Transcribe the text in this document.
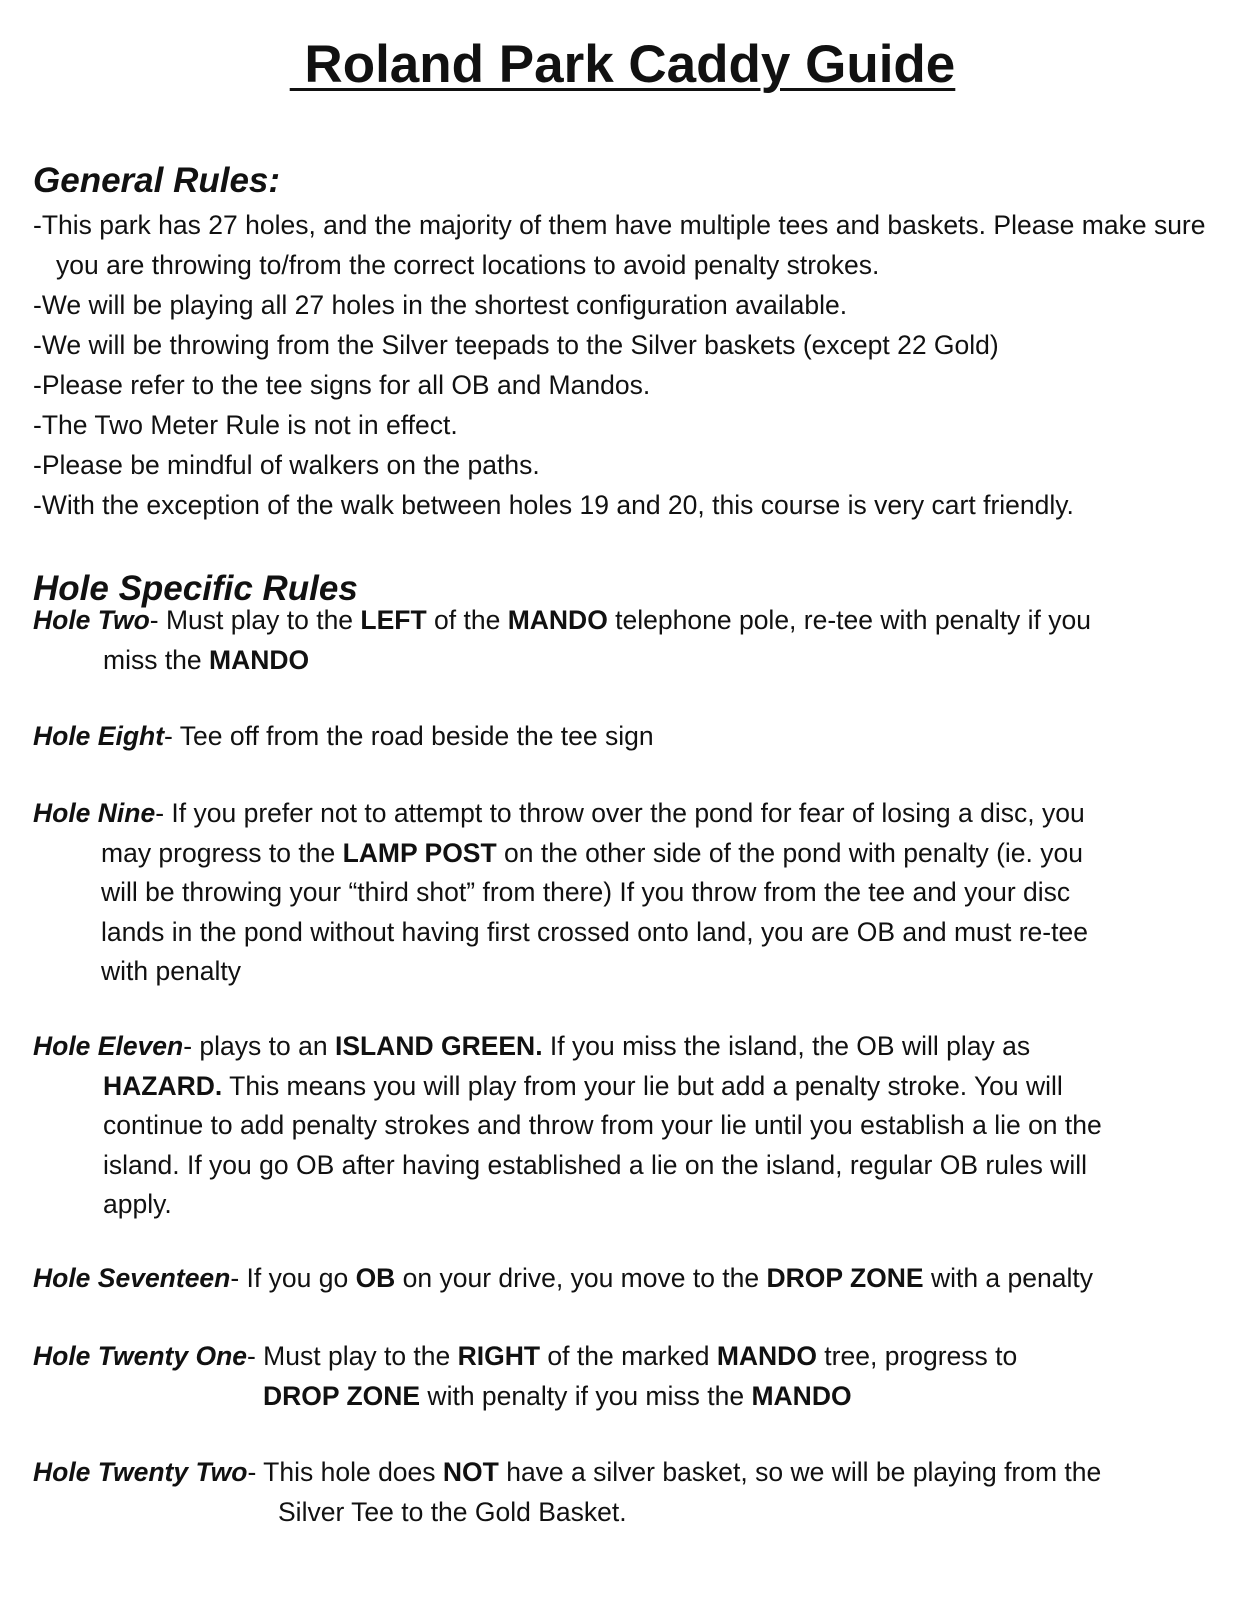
Roland Park Caddy Guide
General Rules:
-This park has 27 holes, and the majority of them have multiple tees and baskets. Please make sure you are throwing to/from the correct locations to avoid penalty strokes.
-We will be playing all 27 holes in the shortest configuration available.
-We will be throwing from the Silver teepads to the Silver baskets (except 22 Gold)
-Please refer to the tee signs for all OB and Mandos.
-The Two Meter Rule is not in effect.
-Please be mindful of walkers on the paths.
-With the exception of the walk between holes 19 and 20, this course is very cart friendly.
Hole Specific Rules
Hole Two- Must play to the LEFT of the MANDO telephone pole, re-tee with penalty if you
miss the MANDO
Hole Eight- Tee off from the road beside the tee sign
Hole Nine- If you prefer not to attempt to throw over the pond for fear of losing a disc, you
may progress to the LAMP POST on the other side of the pond with penalty (ie. you
will be throwing your “third shot” from there) If you throw from the tee and your disc
lands in the pond without having first crossed onto land, you are OB and must re-tee
with penalty
Hole Eleven- plays to an ISLAND GREEN. If you miss the island, the OB will play as
HAZARD. This means you will play from your lie but add a penalty stroke. You will
continue to add penalty strokes and throw from your lie until you establish a lie on the
island. If you go OB after having established a lie on the island, regular OB rules will
apply.
Hole Seventeen- If you go OB on your drive, you move to the DROP ZONE with a penalty
Hole Twenty One- Must play to the RIGHT of the marked MANDO tree, progress to
DROP ZONE with penalty if you miss the MANDO
Hole Twenty Two- This hole does NOT have a silver basket, so we will be playing from the
Silver Tee to the Gold Basket.
